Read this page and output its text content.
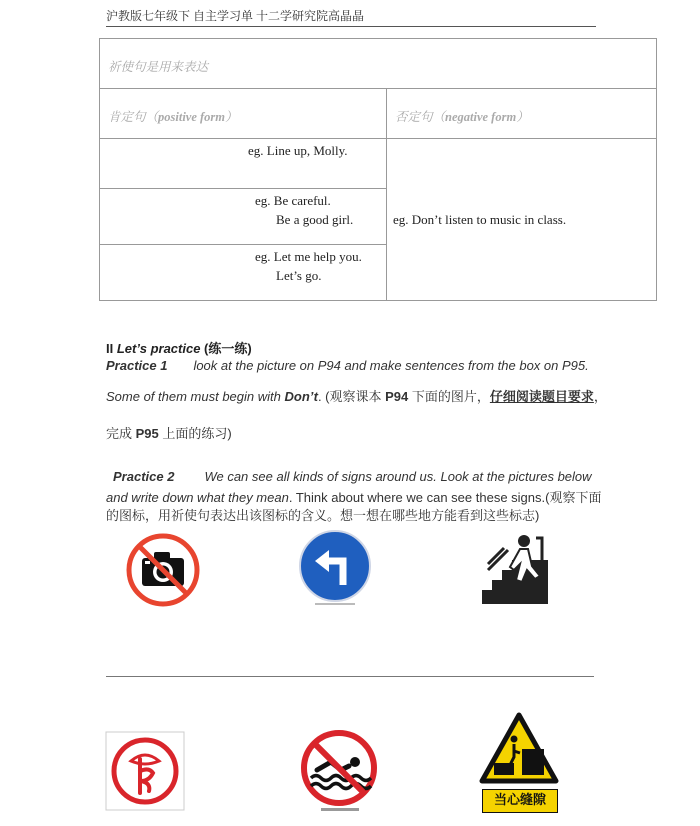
沪教版七年级下 自主学习单 十二学研究院高晶晶
祈使句是用来表达	
肯定句（positive form）	否定句（negative form）

eg. Line up, Molly.	eg. Don’t listen to music in class.

eg. Be careful.
Be a good girl.	

eg. Let me help you.
Let’s go.	
II Let’s practice (练一练)
Practice 1 look at the picture on P94 and make sentences from the box on P95.
Some of them must begin with Don’t. (观察课本 P94 下面的图片，仔细阅读题目要求，
完成 P95 上面的练习)
Practice 2 We can see all kinds of signs around us. Look at the pictures below
and write down what they mean. Think about where we can see these signs.(观察下面
的图标，用祈使句表达出该图标的含义。想一想在哪些地方能看到这些标志)
当心缝隙
